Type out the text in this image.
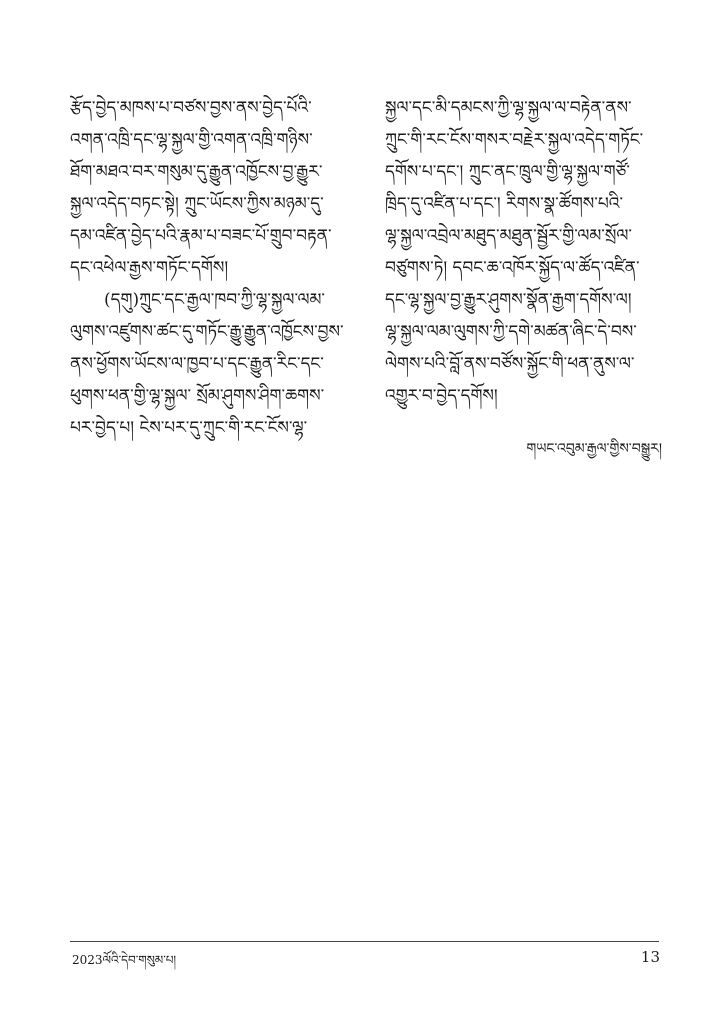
རྩོད་བྱེད་མཁས་པ་བཙས་བྱས་ནས་བྱེད་པོའི་
འགན་འཁྲི་དང་ལྷ་སྐྱལ་གྱི་འགན་འཁྲི་གཉིས་
ཐོག་མཐའ་བར་གསུམ་དུ་རྒྱུན་འཁྱོངས་བྱ་རྒྱུར་
སྐྱལ་འདེད་བཏང་སྟེ། ཀྲུང་ཡོངས་ཀྱིས་མཉམ་དུ་
དམ་འཛིན་བྱེད་པའི་རྣམ་པ་བཟང་པོ་གྲུབ་བརྟན་
དང་འཕེལ་རྒྱས་གཏོང་དགོས།
(དགུ)ཀྲུང་དང་རྒྱལ་ཁབ་ཀྱི་ལྷ་སྐྱལ་ལམ་
ལུགས་འཛུགས་ཚང་དུ་གཏོང་རྒྱུ་རྒྱུན་འཁྱོངས་བྱས་
ནས་ཕྱོགས་ཡོངས་ལ་ཁྱབ་པ་དང་རྒྱུན་རིང་དང་
ཕུགས་ཕན་གྱི་ལྷ་སྐྱལ་ སྲོམ་ཤུགས་ཤིག་ཆགས་
པར་བྱེད་པ། ངེས་པར་དུ་ཀྲུང་གི་རང་ངོས་ལྷ་
སྐྱལ་དང་མི་དམངས་ཀྱི་ལྷ་སྐྱལ་ལ་བརྟེན་ནས་
ཀྲུང་གི་རང་ངོས་གསར་བརྗེར་སྐྱལ་འདེད་གཏོང་
དགོས་པ་དང་། ཀྲུང་ནང་ཁྲུལ་གྱི་ལྷ་སྐྱལ་གཙོ་
ཁྲིད་དུ་འཛིན་པ་དང་། རིགས་སྣ་ཚོགས་པའི་
ལྷ་སྐྱལ་འབྲེལ་མཐུད་མཐུན་སྦྱོར་གྱི་ལམ་སྲོལ་
བཙུགས་ཏེ། དབང་ཆ་འཁོར་སྐྱོད་ལ་ཚོད་འཛིན་
དང་ལྷ་སྐྱལ་བྱ་རྒྱུར་ཤུགས་སྣོན་རྒྱག་དགོས་ལ།
ལྷ་སྐྱལ་ལམ་ལུགས་ཀྱི་དགེ་མཚན་ཞིང་དེ་བས་
ལེགས་པའི་བློ་ནས་བཙོས་སྐྱོང་གི་ཕན་ནུས་ལ་
འགྱུར་བ་བྱེད་དགོས།
གཡང་འབུམ་རྒྱལ་གྱིས་བསྒྱུར།
2023ལོའི་དེབ་གསུམ་པ།	13
